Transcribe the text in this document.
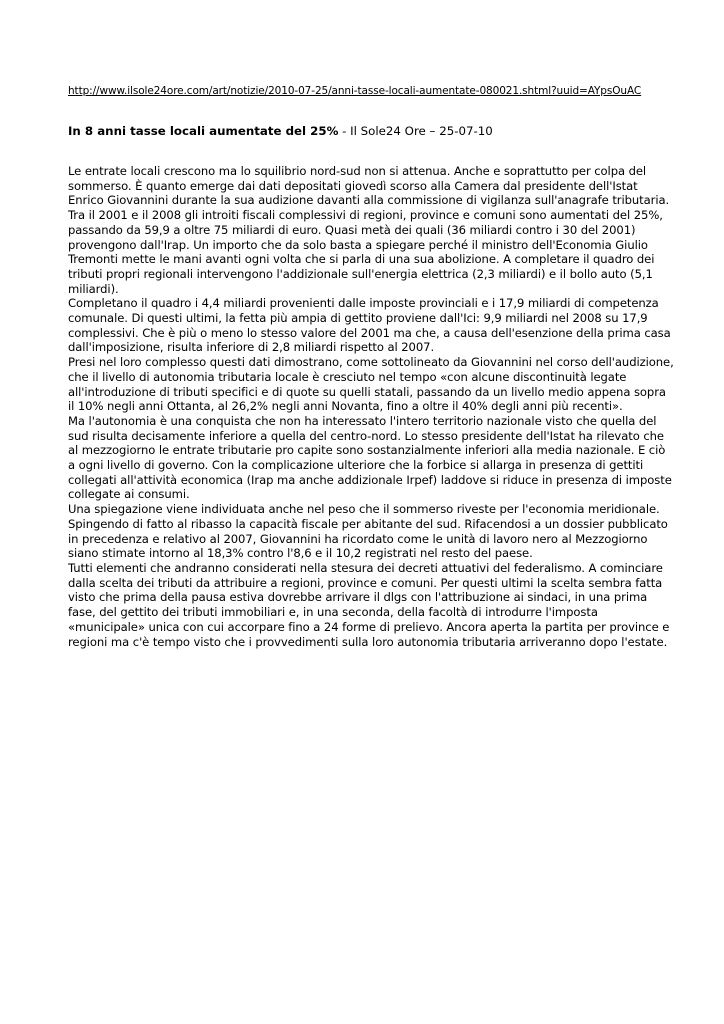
http://www.ilsole24ore.com/art/notizie/2010-07-25/anni-tasse-locali-aumentate-080021.shtml?uuid=AYpsOuAC
In 8 anni tasse locali aumentate del 25% - Il Sole24 Ore – 25-07-10

Le entrate locali crescono ma lo squilibrio nord-sud non si attenua. Anche e soprattutto per colpa del sommerso. È quanto emerge dai dati depositati giovedì scorso alla Camera dal presidente dell'Istat Enrico Giovannini durante la sua audizione davanti alla commissione di vigilanza sull'anagrafe tributaria.

Tra il 2001 e il 2008 gli introiti fiscali complessivi di regioni, province e comuni sono aumentati del 25%, passando da 59,9 a oltre 75 miliardi di euro. Quasi metà dei quali (36 miliardi contro i 30 del 2001) provengono dall'Irap. Un importo che da solo basta a spiegare perché il ministro dell'Economia Giulio Tremonti mette le mani avanti ogni volta che si parla di una sua abolizione. A completare il quadro dei tributi propri regionali intervengono l'addizionale sull'energia elettrica (2,3 miliardi) e il bollo auto (5,1 miliardi).

Completano il quadro i 4,4 miliardi provenienti dalle imposte provinciali e i 17,9 miliardi di competenza comunale. Di questi ultimi, la fetta più ampia di gettito proviene dall'Ici: 9,9 miliardi nel 2008 su 17,9 complessivi. Che è più o meno lo stesso valore del 2001 ma che, a causa dell'esenzione della prima casa dall'imposizione, risulta inferiore di 2,8 miliardi rispetto al 2007.

Presi nel loro complesso questi dati dimostrano, come sottolineato da Giovannini nel corso dell'audizione, che il livello di autonomia tributaria locale è cresciuto nel tempo «con alcune discontinuità legate all'introduzione di tributi specifici e di quote su quelli statali, passando da un livello medio appena sopra il 10% negli anni Ottanta, al 26,2% negli anni Novanta, fino a oltre il 40% degli anni più recenti».

Ma l'autonomia è una conquista che non ha interessato l'intero territorio nazionale visto che quella del sud risulta decisamente inferiore a quella del centro-nord. Lo stesso presidente dell'Istat ha rilevato che al mezzogiorno le entrate tributarie pro capite sono sostanzialmente inferiori alla media nazionale. E ciò a ogni livello di governo. Con la complicazione ulteriore che la forbice si allarga in presenza di gettiti collegati all'attività economica (Irap ma anche addizionale Irpef) laddove si riduce in presenza di imposte collegate ai consumi.

Una spiegazione viene individuata anche nel peso che il sommerso riveste per l'economia meridionale. Spingendo di fatto al ribasso la capacità fiscale per abitante del sud. Rifacendosi a un dossier pubblicato in precedenza e relativo al 2007, Giovannini ha ricordato come le unità di lavoro nero al Mezzogiorno siano stimate intorno al 18,3% contro l'8,6 e il 10,2 registrati nel resto del paese.

Tutti elementi che andranno considerati nella stesura dei decreti attuativi del federalismo. A cominciare dalla scelta dei tributi da attribuire a regioni, province e comuni. Per questi ultimi la scelta sembra fatta visto che prima della pausa estiva dovrebbe arrivare il dlgs con l'attribuzione ai sindaci, in una prima fase, del gettito dei tributi immobiliari e, in una seconda, della facoltà di introdurre l'imposta «municipale» unica con cui accorpare fino a 24 forme di prelievo. Ancora aperta la partita per province e regioni ma c'è tempo visto che i provvedimenti sulla loro autonomia tributaria arriveranno dopo l'estate.
